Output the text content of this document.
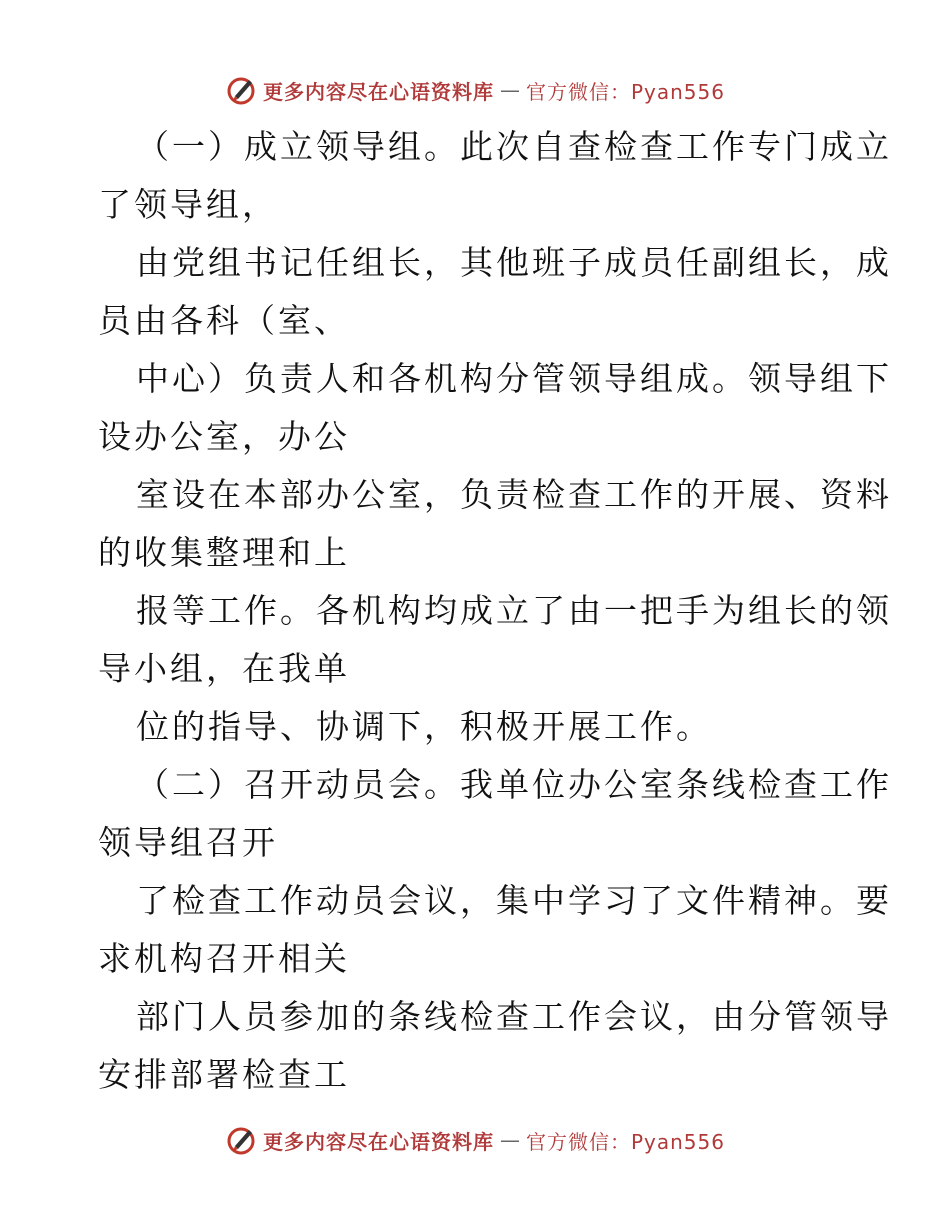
更多内容尽在心语资料库 — 官方微信：Pyan556
（一）成立领导组。此次自查检查工作专门成立
了领导组，
由党组书记任组长，其他班子成员任副组长，成
员由各科（室、
中心）负责人和各机构分管领导组成。领导组下
设办公室，办公
室设在本部办公室，负责检查工作的开展、资料
的收集整理和上
报等工作。各机构均成立了由一把手为组长的领
导小组，在我单
位的指导、协调下，积极开展工作。
（二）召开动员会。我单位办公室条线检查工作
领导组召开
了检查工作动员会议，集中学习了文件精神。要
求机构召开相关
部门人员参加的条线检查工作会议，由分管领导
安排部署检查工
更多内容尽在心语资料库 — 官方微信：Pyan556
